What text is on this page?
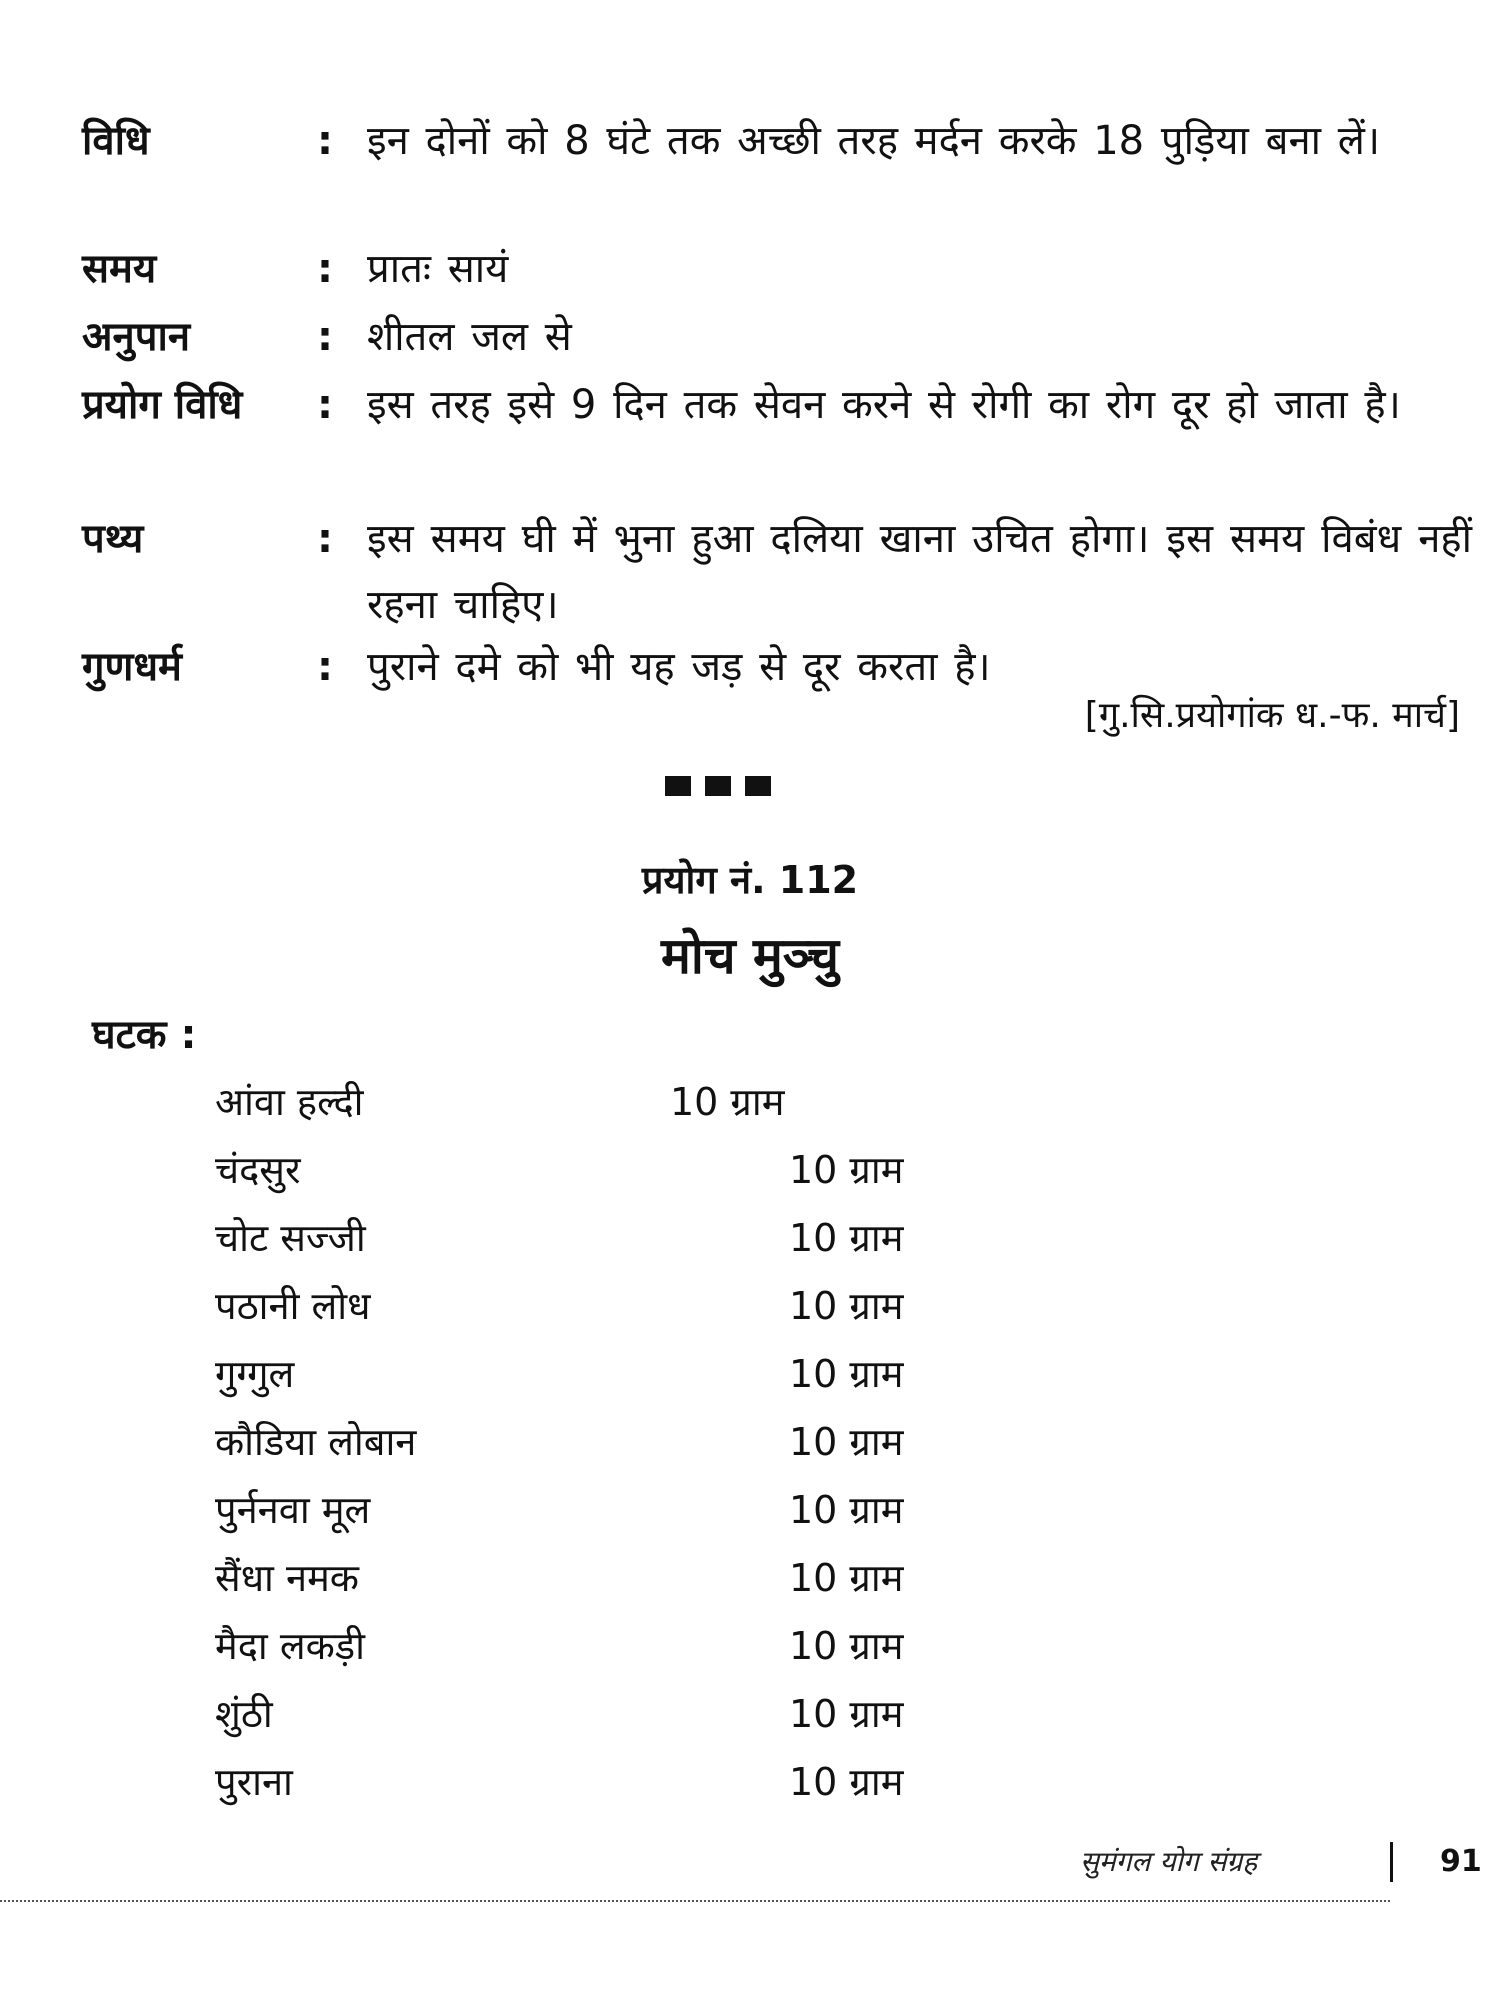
विधि	: इन दोनों को 8 घंटे तक अच्छी तरह मर्दन करके 18 पुड़िया बना लें।
समय	: प्रातः सायं
अनुपान	: शीतल जल से
प्रयोग विधि	: इस तरह इसे 9 दिन तक सेवन करने से रोगी का रोग दूर हो जाता है।
पथ्य	: इस समय घी में भुना हुआ दलिया खाना उचित होगा। इस समय विबंध नहीं रहना चाहिए।
गुणधर्म	: पुराने दमे को भी यह जड़ से दूर करता है।
[गु.सि.प्रयोगांक ध.-फ. मार्च]
प्रयोग नं. 112
मोच मुञ्चु
घटक :
आंवा हल्दी	10 ग्राम
चंदसुर	10 ग्राम
चोट सज्जी	10 ग्राम
पठानी लोध	10 ग्राम
गुग्गुल	10 ग्राम
कौडिया लोबान	10 ग्राम
पुर्ननवा मूल	10 ग्राम
सैंधा नमक	10 ग्राम
मैदा लकड़ी	10 ग्राम
शुंठी	10 ग्राम
पुराना	10 ग्राम
सुमंगल योग संग्रह	91
